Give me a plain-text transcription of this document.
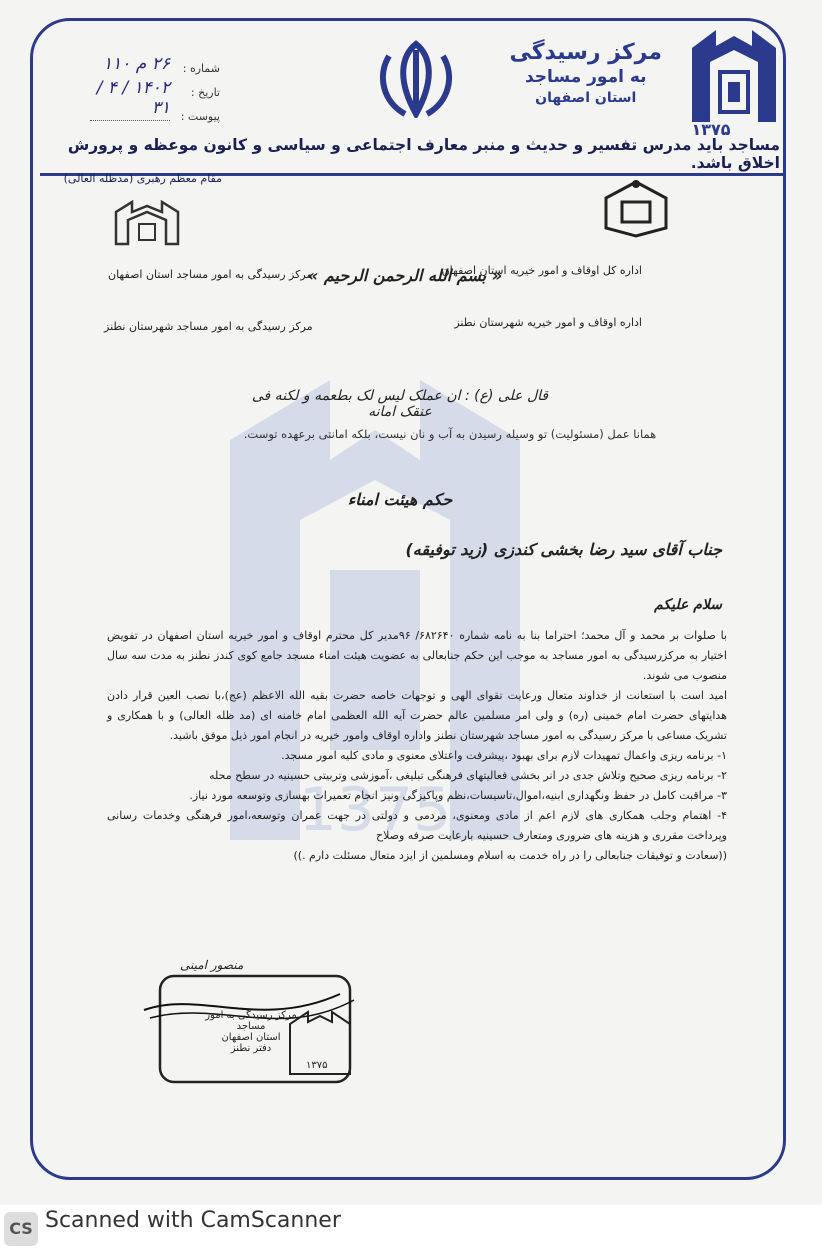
1375
مرکز رسیدگی
به امور مساجد
استان اصفهان
۱۳۷۵
شماره :
۲۶ م ۱۱۰
تاریخ :
۱۴۰۲ / ۴ / ۳۱ پیوست :
مساجد باید مدرس تفسیر و حدیث و منبر معارف اجتماعی و سیاسی و کانون موعظه و پرورش اخلاق باشد.
مقام معظم رهبری (مدظله العالی)
اداره کل اوقاف و امور خیریه استان اصفهان
اداره اوقاف و امور خیریه شهرستان نطنز
مرکز رسیدگی به امور مساجد استان اصفهان
مرکز رسیدگی به امور مساجد شهرستان نطنز
« بسم الله الرحمن الرحیم »
قال علی (ع) : ان عملک لیس لک بطعمه و لکنه فی عنقک امانه
همانا عمل (مسئولیت) تو وسیله رسیدن به آب و نان نیست، بلکه امانتی برعهده توست.
حکم هیئت امناء
جناب آقای سید رضا بخشی کندزی (زید توفیقه)
سلام علیکم

با صلوات بر محمد و آل محمد؛ احتراما بنا به نامه شماره ۶۸۲۶۴۰/ ۹۶مدیر کل محترم اوقاف و امور خیریه استان اصفهان در تفویض اختیار به مرکزرسیدگی به امور مساجد به موجب این حکم جنابعالی به عضویت هیئت امناء مسجد جامع کوی کندز نطنز به مدت سه سال منصوب می شوند.

امید است با استعانت از خداوند متعال ورعایت تقوای الهی و توجهات خاصه حضرت بقیه الله الاعظم (عج)،با نصب العین قرار دادن هدایتهای حضرت امام خمینی (ره) و ولی امر مسلمین عالم حضرت آیه الله العظمی امام خامنه ای (مد ظله العالی) و با همکاری و تشریک مساعی با مرکز رسیدگی به امور مساجد شهرستان نطنز واداره اوقاف وامور خیریه در انجام امور ذیل موفق باشید.

۱- برنامه ریزی واعمال تمهیدات لازم برای بهبود ،پیشرفت واعتلای معنوی و مادی کلیه امور مسجد.

۲- برنامه ریزی صحیح وتلاش جدی در انر بخشی فعالیتهای فرهنگی تبلیغی ،آموزشی وتربیتی حسینیه در سطح محله

۳- مراقبت کامل در حفظ ونگهداری ابنیه،اموال،تاسیسات،نظم وپاکیزگی ونیز انجام تعمیرات بهسازی وتوسعه مورد نیاز.

۴- اهتمام وجلب همکاری های لازم اعم از مادی ومعنوی، مردمی و دولتی در جهت عمران وتوسعه،امور فرهنگی وخدمات رسانی وپرداخت مقرری و هزینه های ضروری ومتعارف حسینیه بارعایت صرفه وصلاح

((سعادت و توفیقات جنابعالی را در راه خدمت به اسلام ومسلمین از ایزد متعال مسئلت دارم .))

منصور امینی
مرکز رسیدگی به امور مساجد
استان اصفهان
دفتر نطنز
۱۳۷۵
CS Scanned with CamScanner
